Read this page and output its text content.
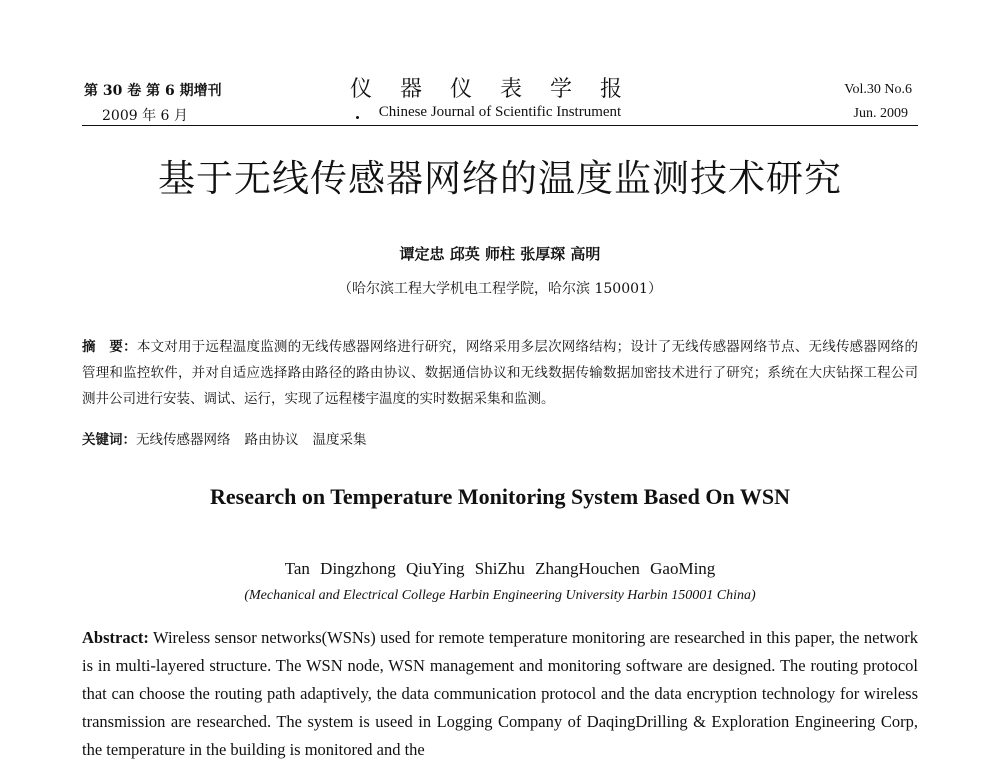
第 30 卷 第 6 期增刊
2009 年 6 月
仪器仪表学报
Chinese Journal of Scientific Instrument
Vol.30 No.6
Jun. 2009
基于无线传感器网络的温度监测技术研究
谭定忠 邱英 师柱 张厚琛 高明
（哈尔滨工程大学机电工程学院，哈尔滨 150001）
摘　要：本文对用于远程温度监测的无线传感器网络进行研究，网络采用多层次网络结构；设计了无线传感器网络节点、无线传感器网络的管理和监控软件，并对自适应选择路由路径的路由协议、数据通信协议和无线数据传输数据加密技术进行了研究；系统在大庆钻探工程公司测井公司进行安装、调试、运行，实现了远程楼宇温度的实时数据采集和监测。
关键词：无线传感器网络 路由协议 温度采集
Research on Temperature Monitoring System Based On WSN
Tan Dingzhong QiuYing ShiZhu ZhangHouchen GaoMing
(Mechanical and Electrical College Harbin Engineering University Harbin 150001 China)
Abstract: Wireless sensor networks(WSNs) used for remote temperature monitoring are researched in this paper, the network is in multi-layered structure. The WSN node, WSN management and monitoring software are designed. The routing protocol that can choose the routing path adaptively, the data communication protocol and the data encryption technology for wireless transmission are researched. The system is useed in Logging Company of DaqingDrilling & Exploration Engineering Corp, the temperature in the building is monitored and the
